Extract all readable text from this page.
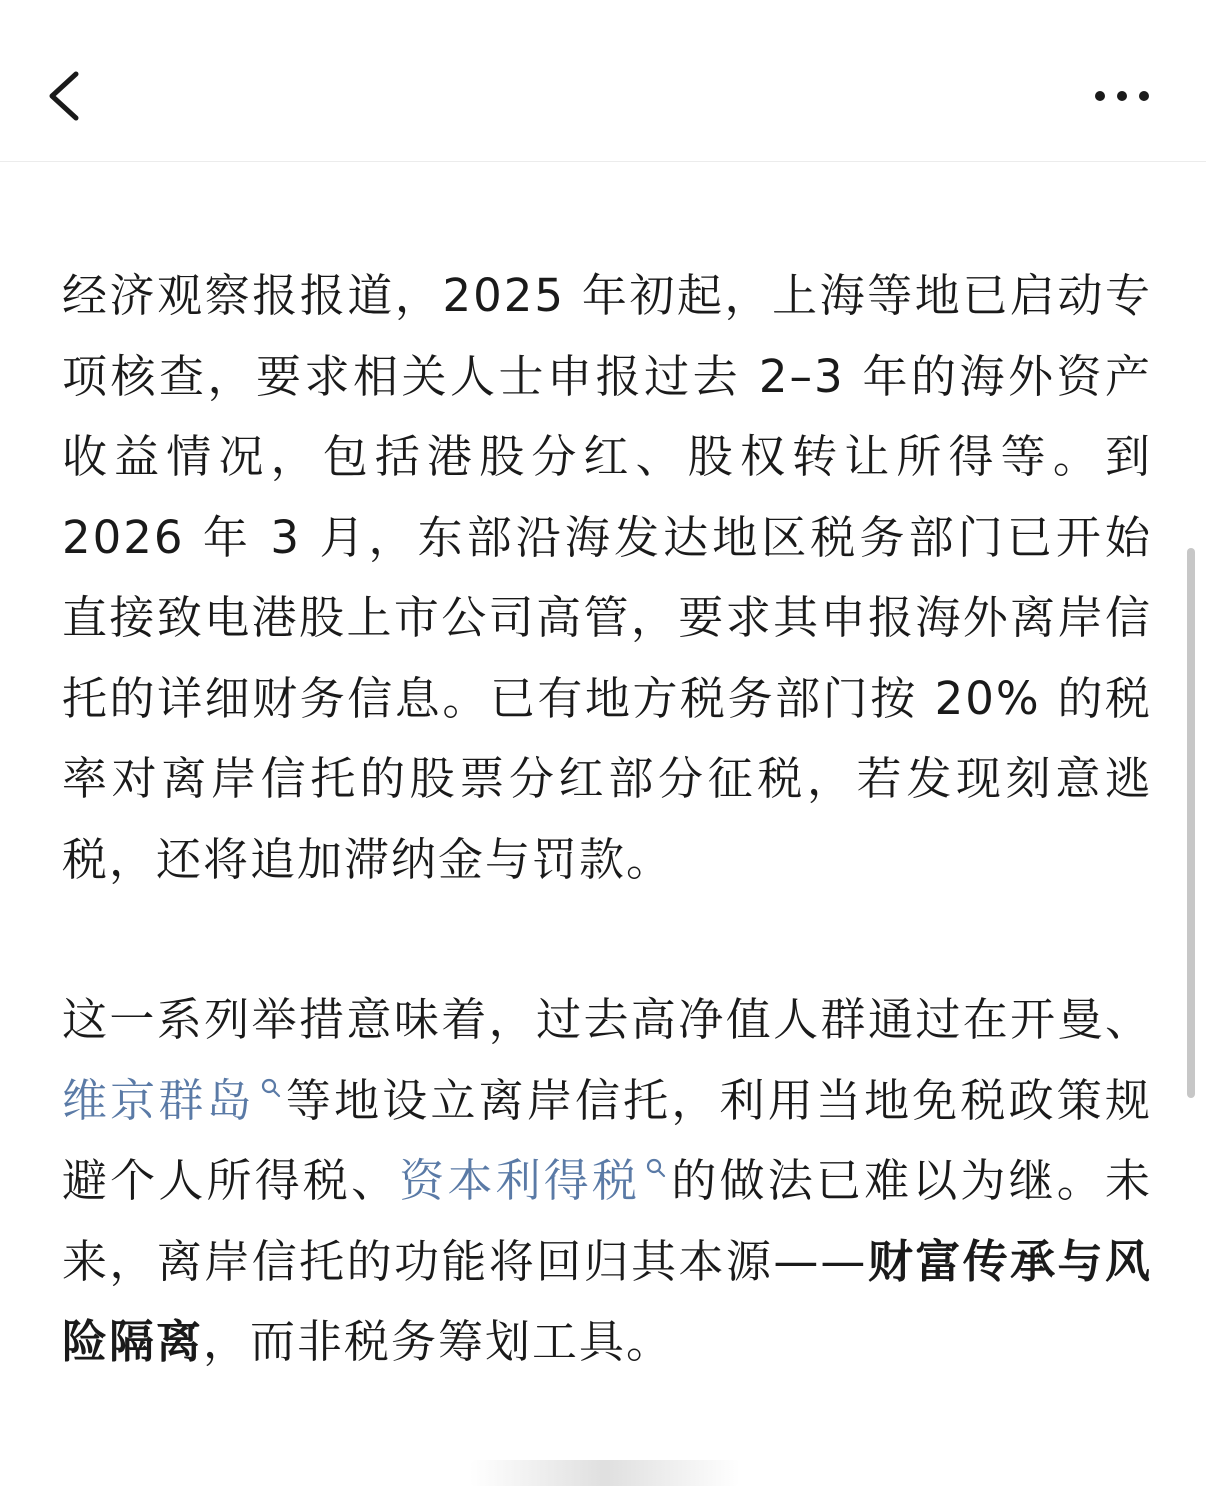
经济观察报报道，2025 年初起，上海等地已启动专项核查，要求相关人士申报过去 2–3 年的海外资产收益情况，包括港股分红、股权转让所得等。到 2026 年 3 月，东部沿海发达地区税务部门已开始直接致电港股上市公司高管，要求其申报海外离岸信托的详细财务信息。已有地方税务部门按 20% 的税率对离岸信托的股票分红部分征税，若发现刻意逃税，还将追加滞纳金与罚款。

这一系列举措意味着，过去高净值人群通过在开曼、维京群岛 等地设立离岸信托，利用当地免税政策规避个人所得税、资本利得税 的做法已难以为继。未来，离岸信托的功能将回归其本源——财富传承与风险隔离，而非税务筹划工具。
